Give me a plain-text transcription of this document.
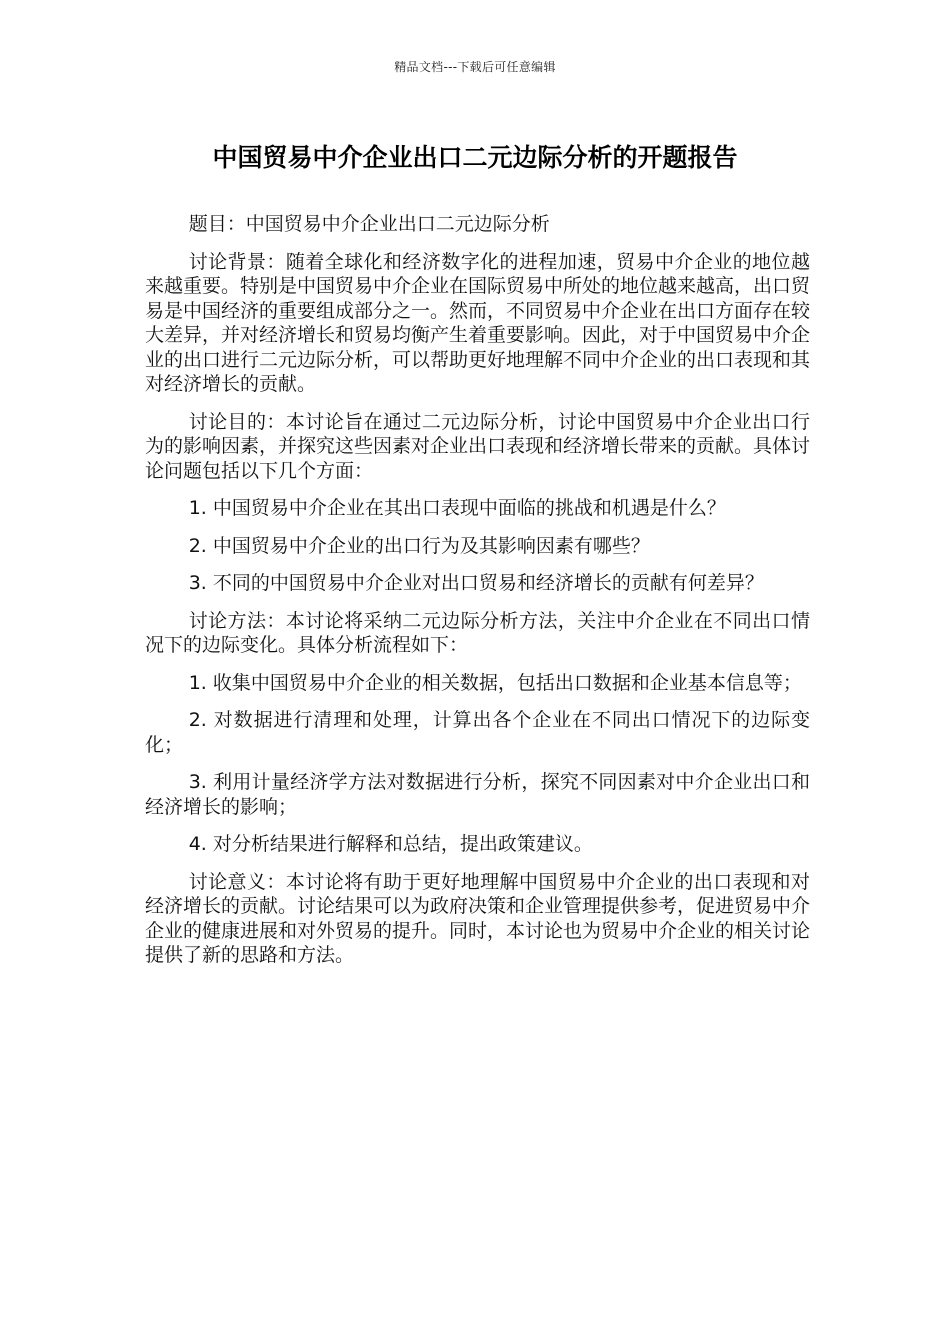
精品文档---下载后可任意编辑
中国贸易中介企业出口二元边际分析的开题报告

题目：中国贸易中介企业出口二元边际分析

讨论背景：随着全球化和经济数字化的进程加速，贸易中介企业的地位越来越重要。特别是中国贸易中介企业在国际贸易中所处的地位越来越高，出口贸易是中国经济的重要组成部分之一。然而，不同贸易中介企业在出口方面存在较大差异，并对经济增长和贸易均衡产生着重要影响。因此，对于中国贸易中介企业的出口进行二元边际分析，可以帮助更好地理解不同中介企业的出口表现和其对经济增长的贡献。

讨论目的：本讨论旨在通过二元边际分析，讨论中国贸易中介企业出口行为的影响因素，并探究这些因素对企业出口表现和经济增长带来的贡献。具体讨论问题包括以下几个方面：

1. 中国贸易中介企业在其出口表现中面临的挑战和机遇是什么？

2. 中国贸易中介企业的出口行为及其影响因素有哪些？

3. 不同的中国贸易中介企业对出口贸易和经济增长的贡献有何差异？

讨论方法：本讨论将采纳二元边际分析方法，关注中介企业在不同出口情况下的边际变化。具体分析流程如下：

1. 收集中国贸易中介企业的相关数据，包括出口数据和企业基本信息等；

2. 对数据进行清理和处理，计算出各个企业在不同出口情况下的边际变化；

3. 利用计量经济学方法对数据进行分析，探究不同因素对中介企业出口和经济增长的影响；

4. 对分析结果进行解释和总结，提出政策建议。

讨论意义：本讨论将有助于更好地理解中国贸易中介企业的出口表现和对经济增长的贡献。讨论结果可以为政府决策和企业管理提供参考，促进贸易中介企业的健康进展和对外贸易的提升。同时，本讨论也为贸易中介企业的相关讨论提供了新的思路和方法。
